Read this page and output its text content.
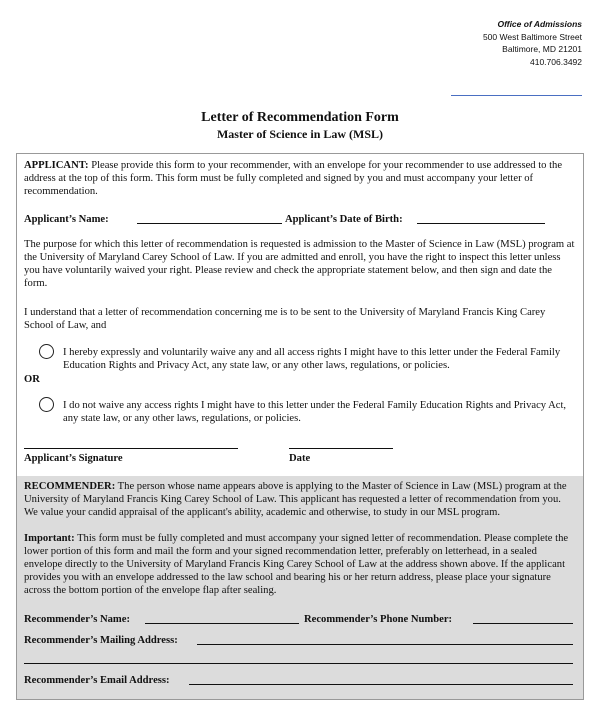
Office of Admissions
500 West Baltimore Street
Baltimore, MD 21201
410.706.3492
Letter of Recommendation Form
Master of Science in Law (MSL)

APPLICANT: Please provide this form to your recommender, with an envelope for your recommender to use addressed to the address at the top of this form. This form must be fully completed and signed by you and must accompany your letter of recommendation.

Applicant’s Name:	Applicant’s Date of Birth:

The purpose for which this letter of recommendation is requested is admission to the Master of Science in Law (MSL) program at the University of Maryland Carey School of Law. If you are admitted and enroll, you have the right to inspect this letter unless you have voluntarily waived your right. Please review and check the appropriate statement below, and then sign and date the form.

I understand that a letter of recommendation concerning me is to be sent to the University of Maryland Francis King Carey School of Law, and

I hereby expressly and voluntarily waive any and all access rights I might have to this letter under the Federal Family Education Rights and Privacy Act, any state law, or any other laws, regulations, or policies.

OR

I do not waive any access rights I might have to this letter under the Federal Family Education Rights and Privacy Act, any state law, or any other laws, regulations, or policies.

Applicant’s Signature	Date

RECOMMENDER: The person whose name appears above is applying to the Master of Science in Law (MSL) program at the University of Maryland Francis King Carey School of Law. This applicant has requested a letter of recommendation from you. We value your candid appraisal of the applicant's ability, academic and otherwise, to study in our MSL program.

Important: This form must be fully completed and must accompany your signed letter of recommendation. Please complete the lower portion of this form and mail the form and your signed recommendation letter, preferably on letterhead, in a sealed envelope directly to the University of Maryland Francis King Carey School of Law at the address shown above. If the applicant provides you with an envelope addressed to the law school and bearing his or her return address, please place your signature across the bottom portion of the envelope flap after sealing.

Recommender’s Name:	Recommender’s Phone Number:
Recommender’s Mailing Address:
Recommender’s Email Address:
